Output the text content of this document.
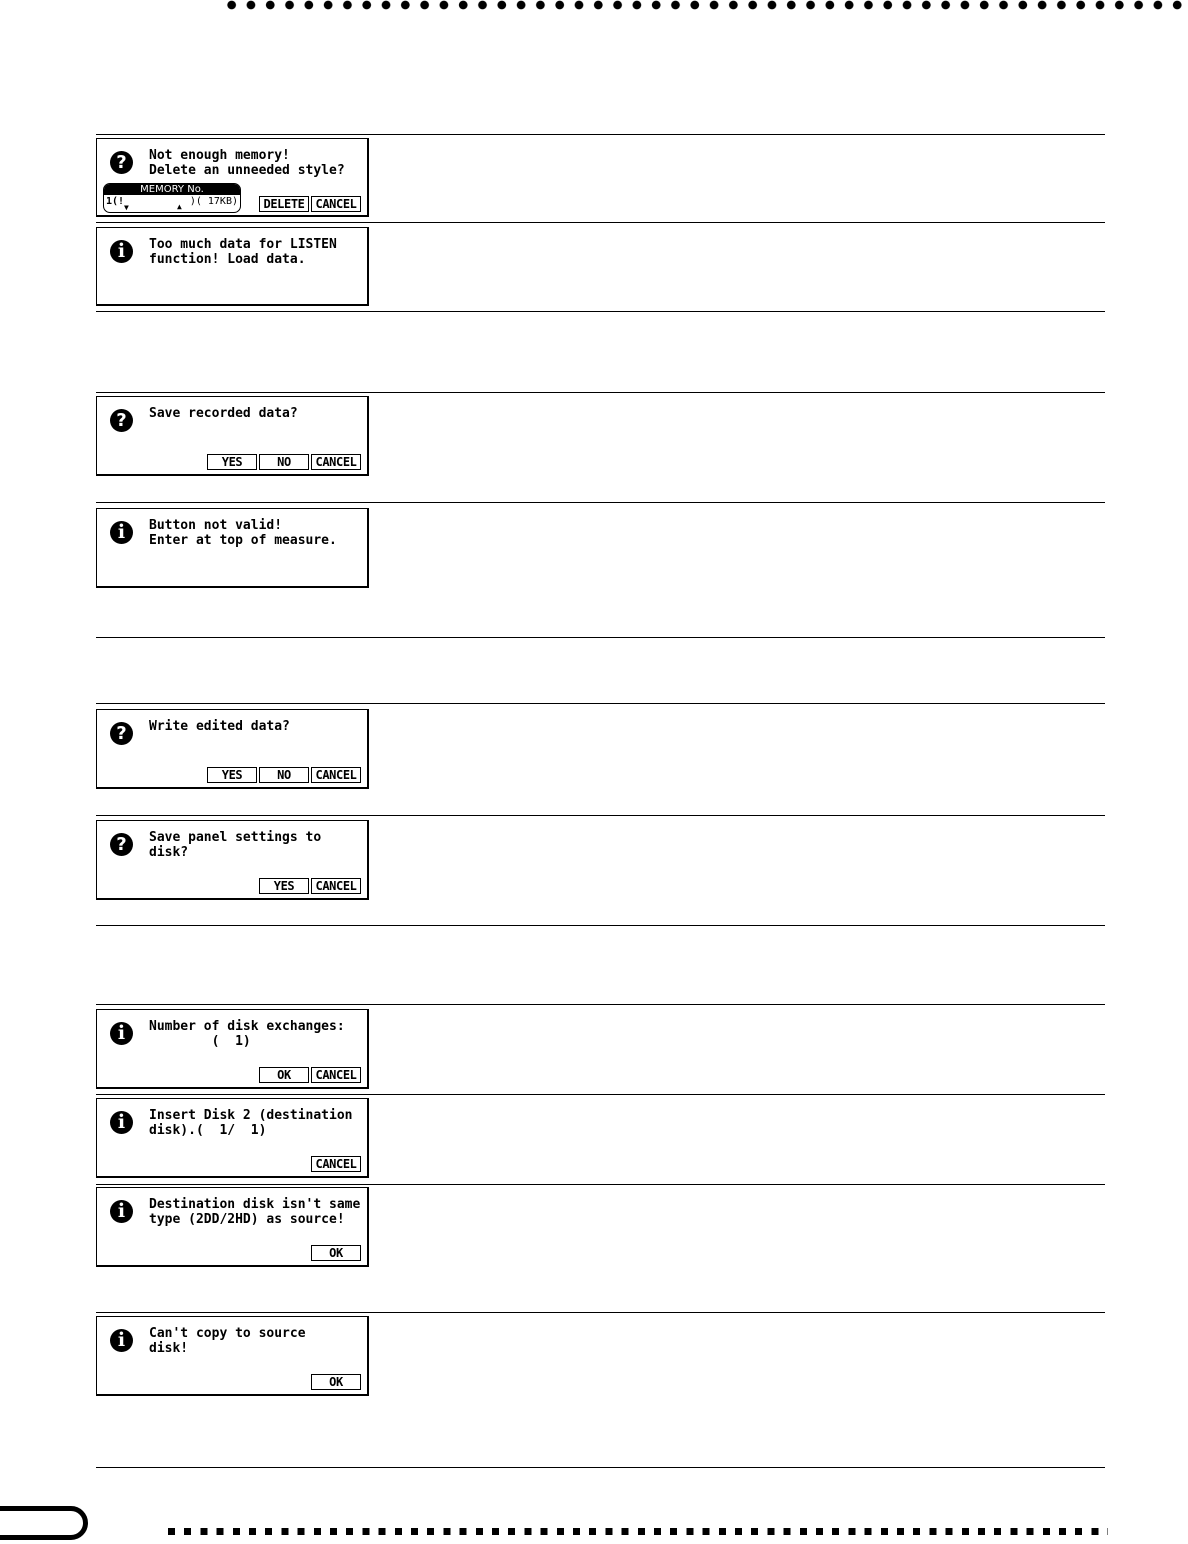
?	Not enough memory!
Delete an unneeded style?
MEMORY No.
1(!
▼	▲ )( 17KB)	DELETE CANCEL
i	Too much data for LISTEN
function! Load data.
?	Save recorded data?
YES	NO	CANCEL
i	Button not valid!
Enter at top of measure.
?	Write edited data?
YES	NO	CANCEL
?	Save panel settings to
disk?
YES	CANCEL
i	Number of disk exchanges:
(  1)
OK	CANCEL
i	Insert Disk 2 (destination
disk).(  1/  1)
CANCEL
i	Destination disk isn't same
type (2DD/2HD) as source!
OK
i	Can't copy to source
disk!
OK
